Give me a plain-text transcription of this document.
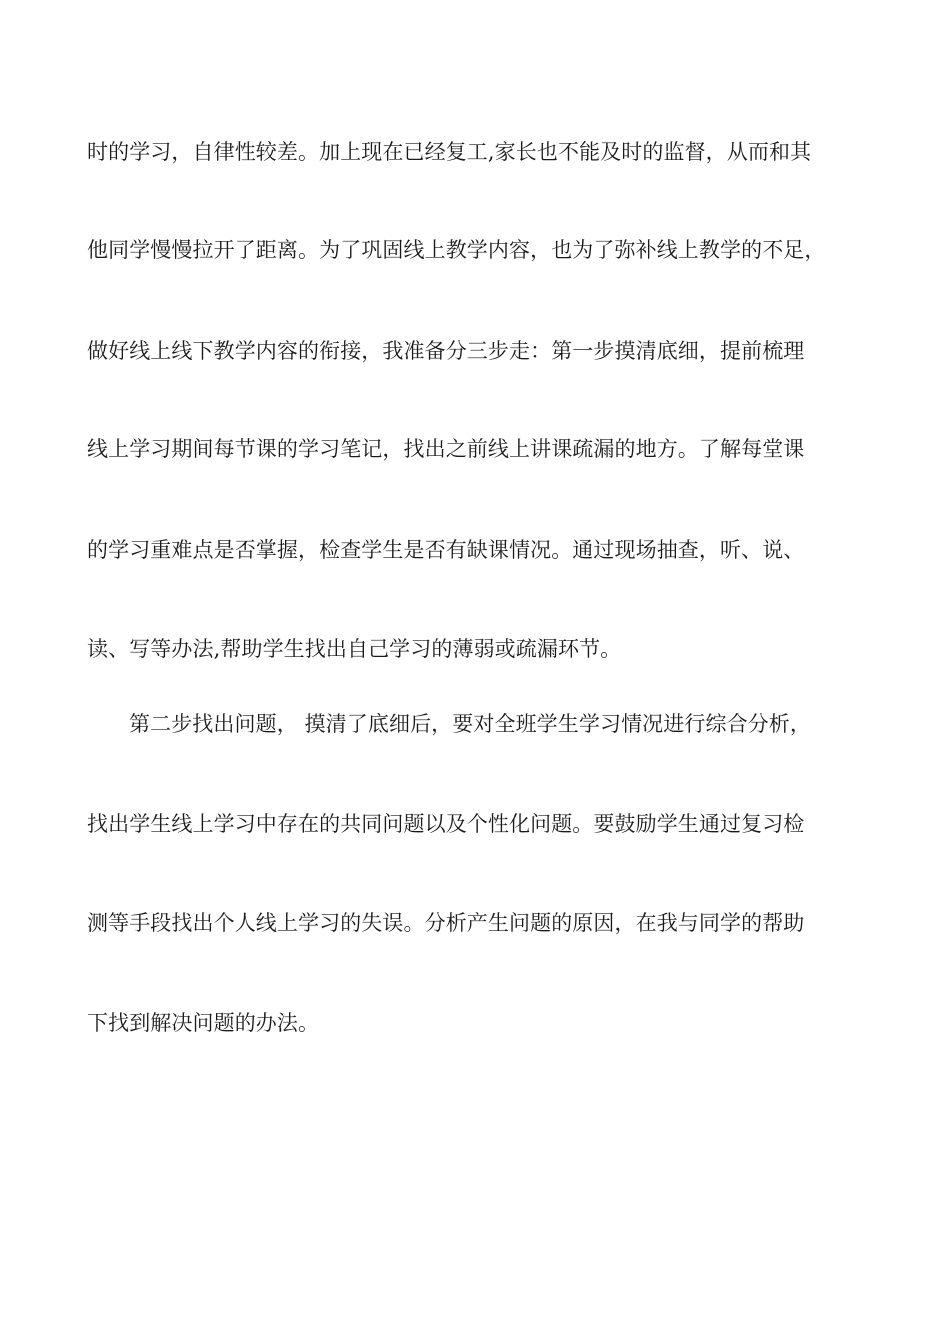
时的学习，自律性较差。加上现在已经复工,家长也不能及时的监督，从而和其
他同学慢慢拉开了距离。为了巩固线上教学内容，也为了弥补线上教学的不足，
做好线上线下教学内容的衔接，我准备分三步走：第一步摸清底细，提前梳理
线上学习期间每节课的学习笔记，找出之前线上讲课疏漏的地方。了解每堂课
的学习重难点是否掌握，检查学生是否有缺课情况。通过现场抽查，听、说、
读、写等办法,帮助学生找出自己学习的薄弱或疏漏环节。
第二步找出问题， 摸清了底细后，要对全班学生学习情况进行综合分析，
找出学生线上学习中存在的共同问题以及个性化问题。要鼓励学生通过复习检
测等手段找出个人线上学习的失误。分析产生问题的原因，在我与同学的帮助
下找到解决问题的办法。
